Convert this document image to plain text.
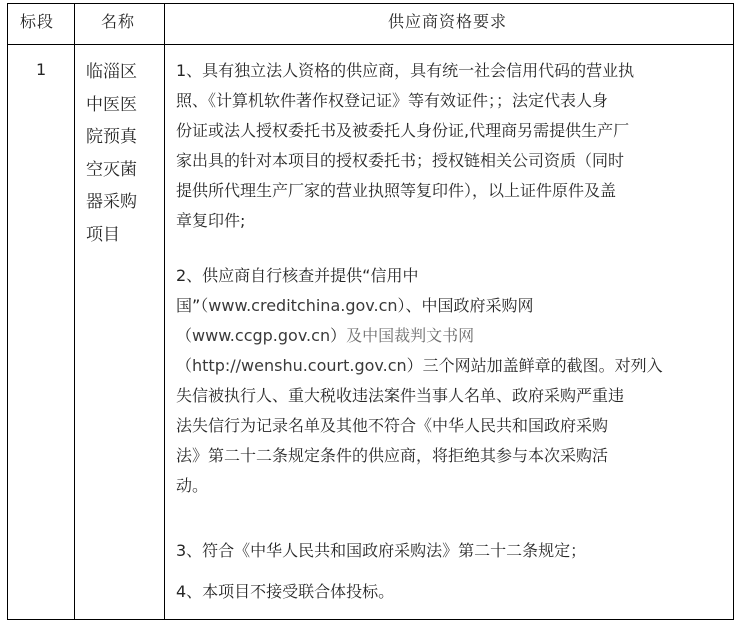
标段	名称	供应商资格要求
1 临淄区
中医医
院预真
空灭菌
器采购
项目
1、具有独立法人资格的供应商，具有统一社会信用代码的营业执
照、《计算机软件著作权登记证》等有效证件；；法定代表人身
份证或法人授权委托书及被委托人身份证,代理商另需提供生产厂
家出具的针对本项目的授权委托书；授权链相关公司资质（同时
提供所代理生产厂家的营业执照等复印件），以上证件原件及盖
章复印件;
2、供应商自行核查并提供“信用中
国”（www.creditchina.gov.cn）、中国政府采购网
（www.ccgp.gov.cn）及中国裁判文书网
（http://wenshu.court.gov.cn）三个网站加盖鲜章的截图。对列入
失信被执行人、重大税收违法案件当事人名单、政府采购严重违
法失信行为记录名单及其他不符合《中华人民共和国政府采购
法》第二十二条规定条件的供应商，将拒绝其参与本次采购活
动。
3、符合《中华人民共和国政府采购法》第二十二条规定；
4、本项目不接受联合体投标。
